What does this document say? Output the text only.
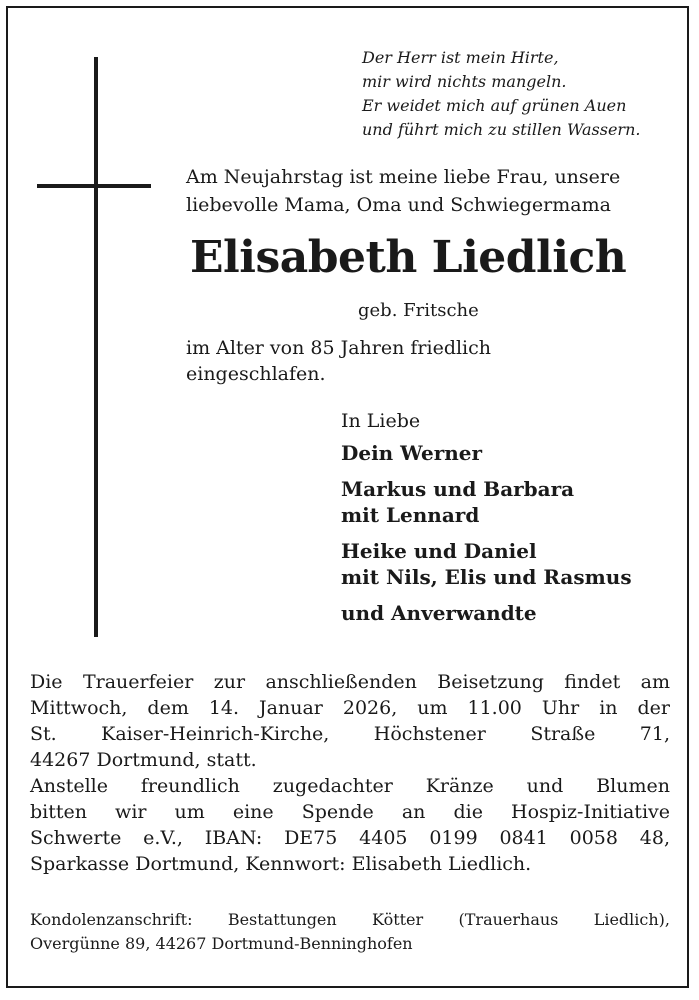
Der Herr ist mein Hirte,
mir wird nichts mangeln.
Er weidet mich auf grünen Auen
und führt mich zu stillen Wassern.
Am Neujahrstag ist meine liebe Frau, unsere
liebevolle Mama, Oma und Schwiegermama
Elisabeth Liedlich
geb. Fritsche
im Alter von 85 Jahren friedlich
eingeschlafen.
In Liebe
Dein Werner
Markus und Barbara
mit Lennard
Heike und Daniel
mit Nils, Elis und Rasmus
und Anverwandte
Die Trauerfeier zur anschließenden Beisetzung findet am
Mittwoch, dem 14. Januar 2026, um 11.00 Uhr in der
St. Kaiser-Heinrich-Kirche, Höchstener Straße 71,
44267 Dortmund, statt.
Anstelle freundlich zugedachter Kränze und Blumen
bitten wir um eine Spende an die Hospiz-Initiative
Schwerte e.V., IBAN: DE75 4405 0199 0841 0058 48,
Sparkasse Dortmund, Kennwort: Elisabeth Liedlich.
Kondolenzanschrift: Bestattungen Kötter (Trauerhaus Liedlich),
Overgünne 89, 44267 Dortmund-Benninghofen
